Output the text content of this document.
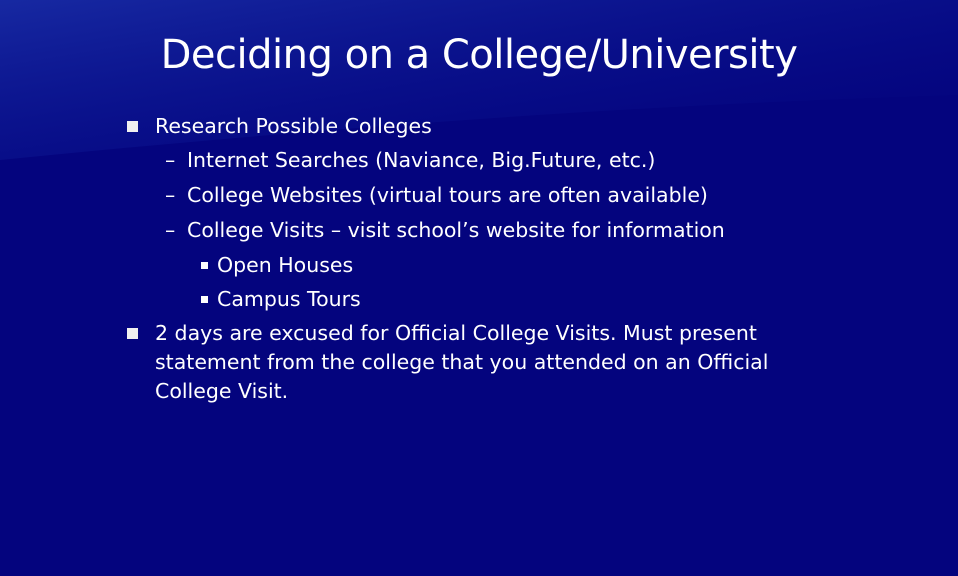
Deciding on a College/University
Research Possible Colleges
– Internet Searches (Naviance, Big.Future, etc.)
– College Websites (virtual tours are often available)
– College Visits – visit school’s website for information
Open Houses
Campus Tours
2 days are excused for Official College Visits. Must present
statement from the college that you attended on an Official
College Visit.
